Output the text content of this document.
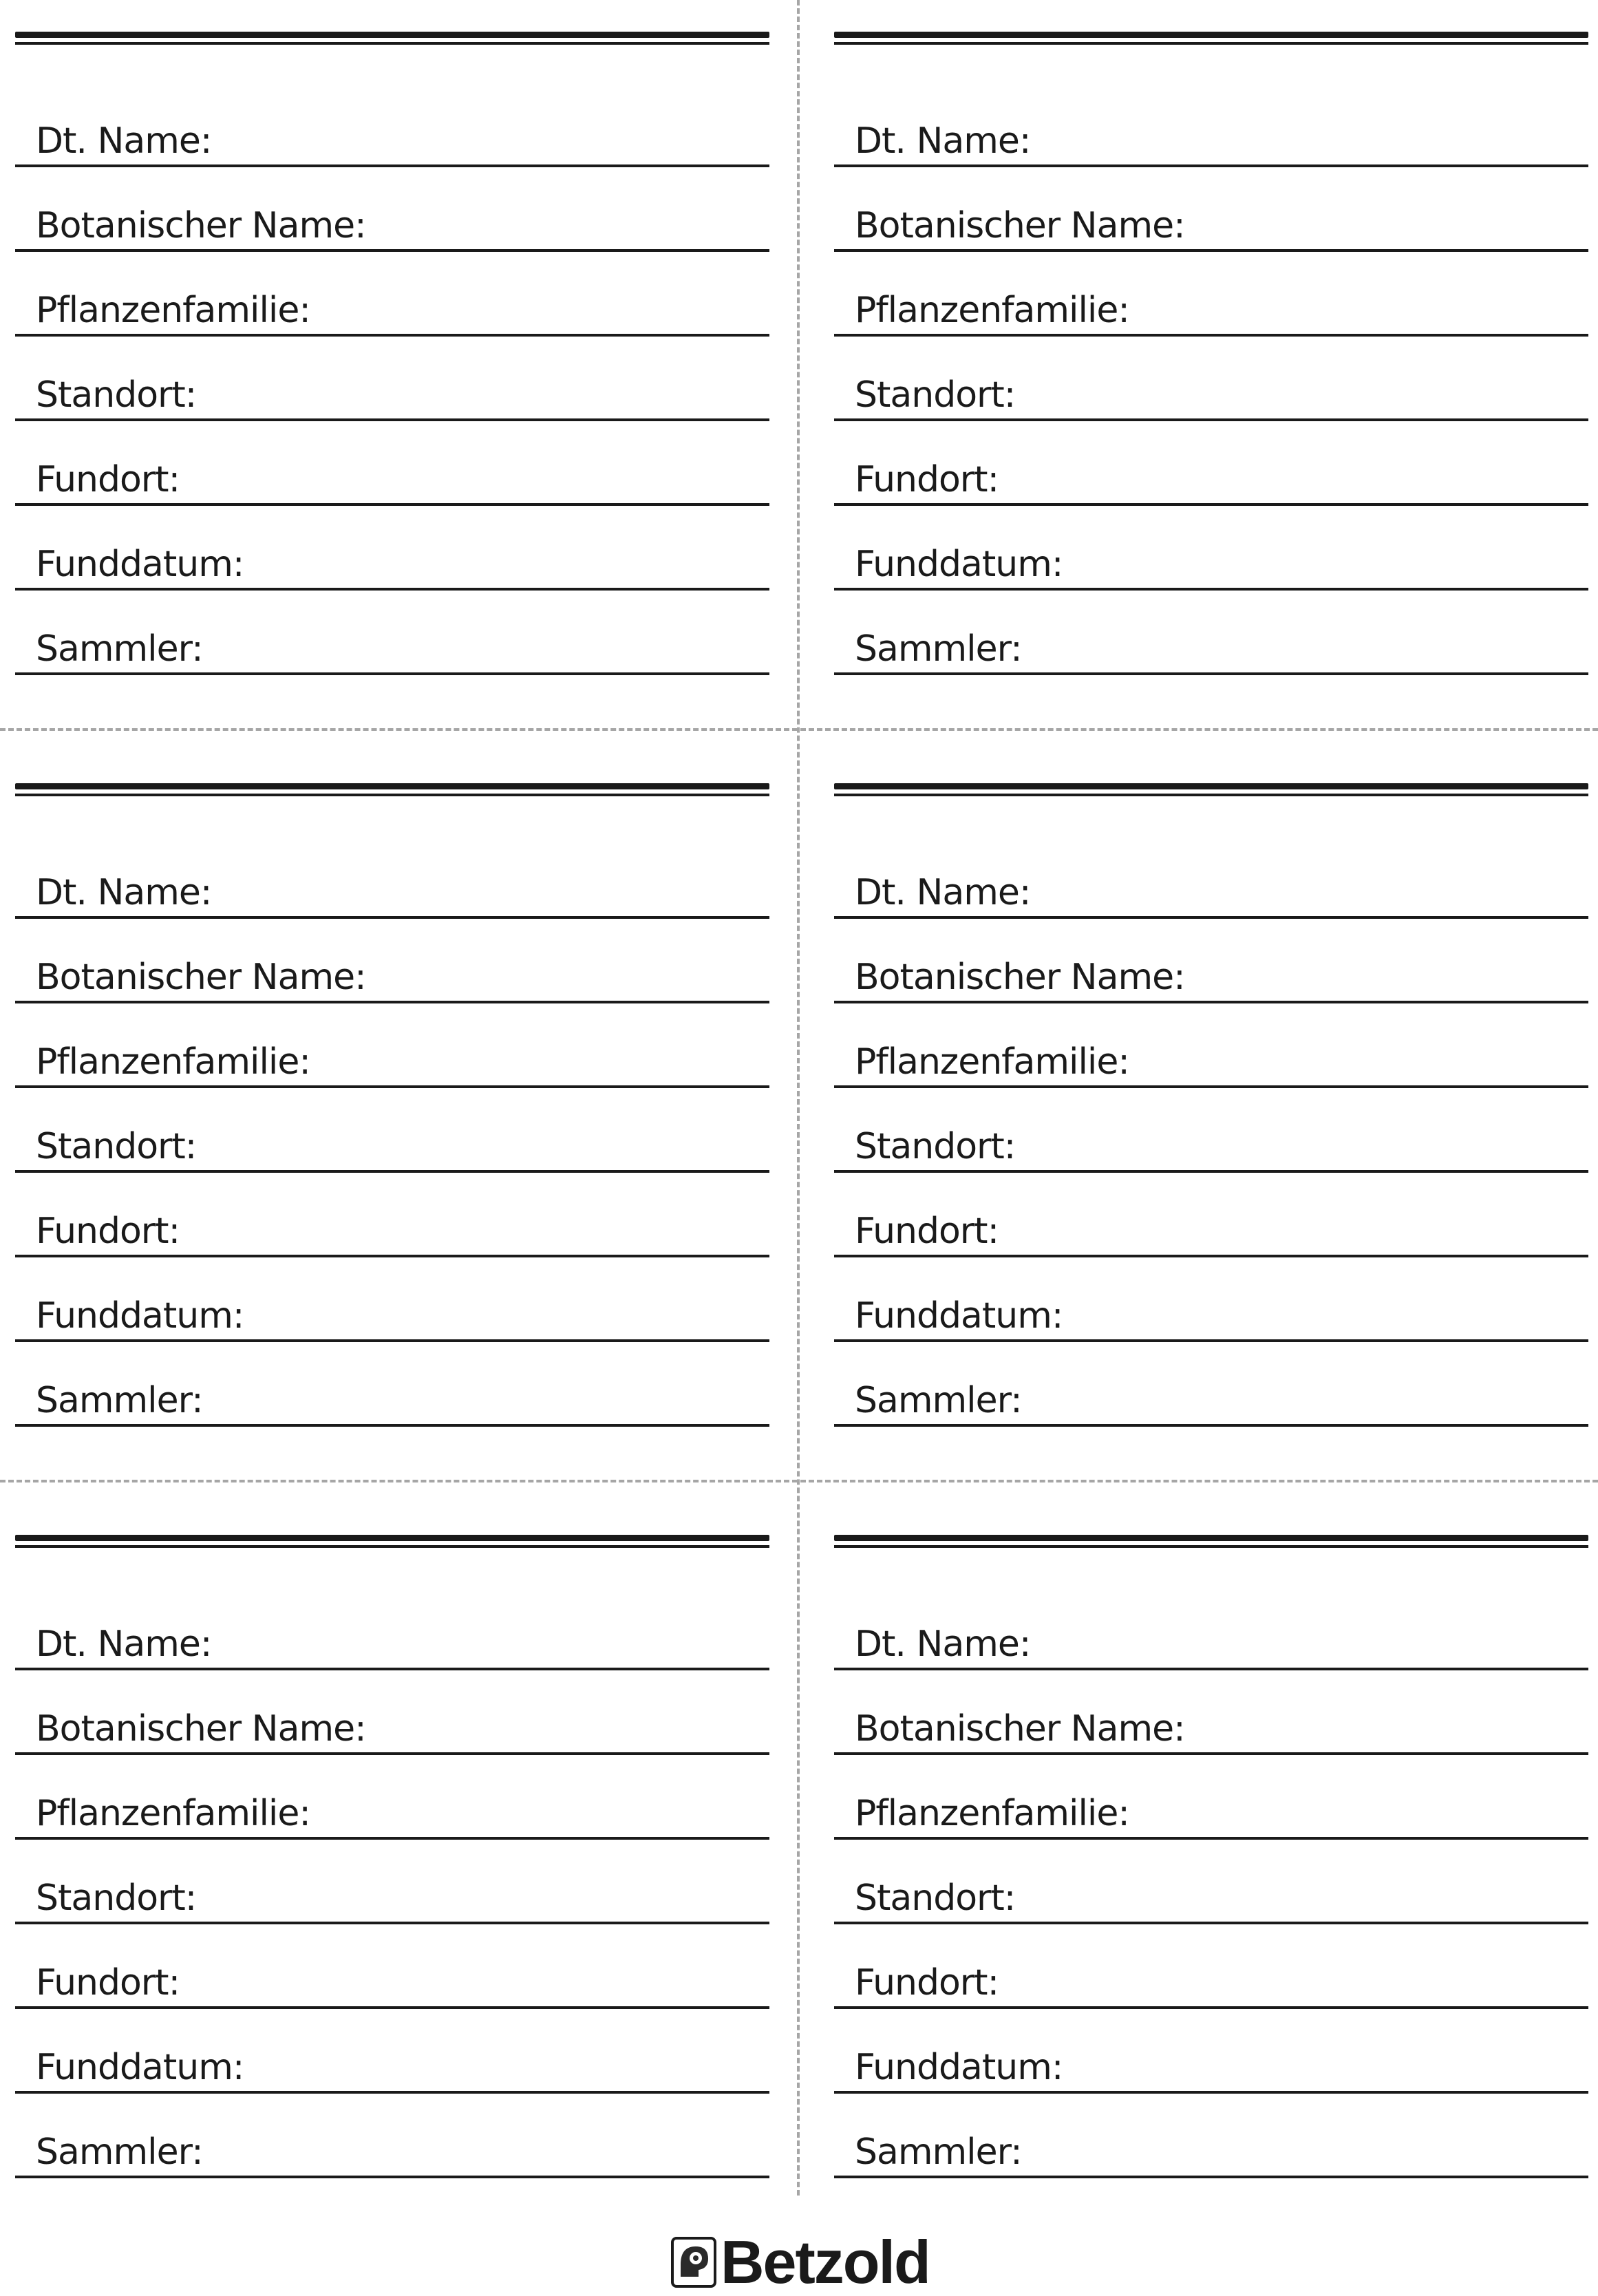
Dt. Name:
Botanischer Name:
Pflanzenfamilie:
Standort:
Fundort:
Funddatum:
Sammler:
Dt. Name:
Botanischer Name:
Pflanzenfamilie:
Standort:
Fundort:
Funddatum:
Sammler:
Dt. Name:
Botanischer Name:
Pflanzenfamilie:
Standort:
Fundort:
Funddatum:
Sammler:
Dt. Name:
Botanischer Name:
Pflanzenfamilie:
Standort:
Fundort:
Funddatum:
Sammler:
Dt. Name:
Botanischer Name:
Pflanzenfamilie:
Standort:
Fundort:
Funddatum:
Sammler:
Dt. Name:
Botanischer Name:
Pflanzenfamilie:
Standort:
Fundort:
Funddatum:
Sammler:
Betzold
